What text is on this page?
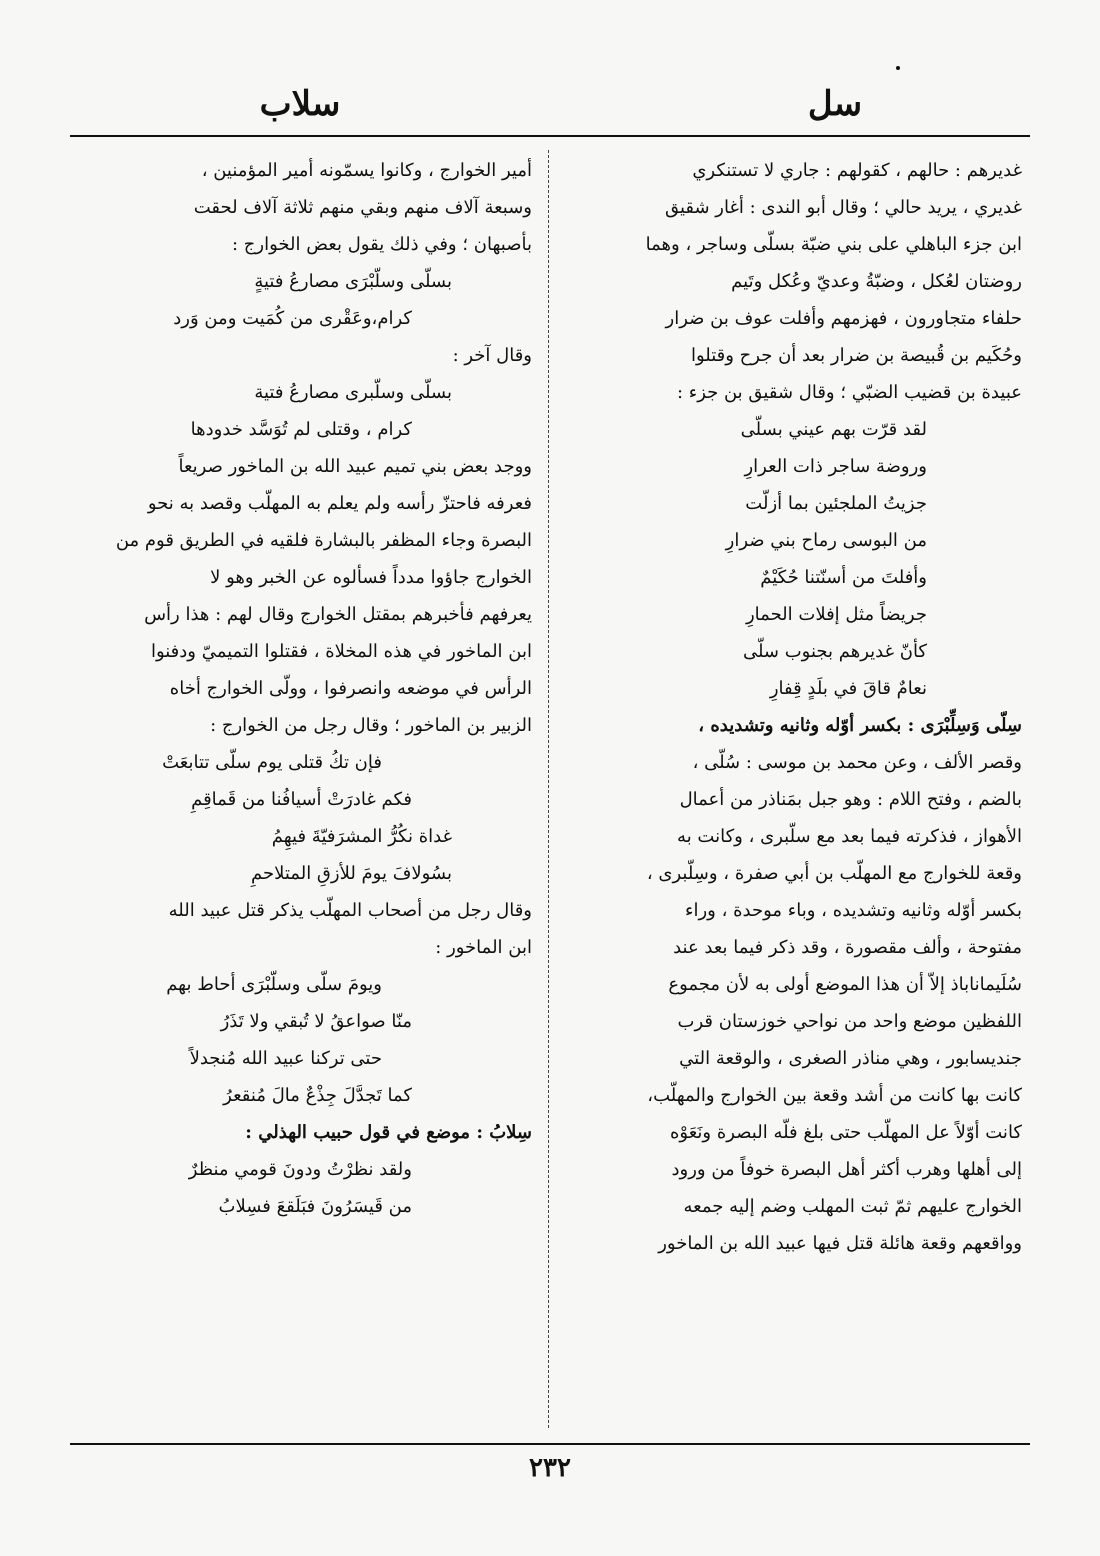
سل
سلاب
غديرهم : حالهم ، كقولهم : جاري لا تستنكري
غديري ، يريد حالي ؛ وقال أبو الندى : أغار شقيق
ابن جزء الباهلي على بني ضبّة بسلّى وساجر ، وهما
روضتان لعُكل ، وضبّةُ وعديّ وعُكل وتَيم
حلفاء متجاورون ، فهزمهم وأفلت عوف بن ضرار
وحُكَيم بن قُبيصة بن ضرار بعد أن جرح وقتلوا
عبيدة بن قضيب الضبّي ؛ وقال شقيق بن جزء :
لقد قرّت بهم عيني بسلّى
وروضة ساجر ذات العرارِ
جزيتُ الملجئين بما أزلّت
من البوسى رماح بني ضرارِ
وأفلتَ من أسنّتنا حُكَيْمٌ
جريضاً مثل إفلات الحمارِ
كأنّ غديرهم بجنوب سلّى
نعامٌ قاقَ في بلَدٍ قِفارِ
سِلّى وَسِلِّبْرَى : بكسر أوّله وثانيه وتشديده ،
وقصر الألف ، وعن محمد بن موسى : سُلّى ،
بالضم ، وفتح اللام : وهو جبل بمَناذر من أعمال
الأهواز ، فذكرته فيما بعد مع سلّبرى ، وكانت به
وقعة للخوارج مع المهلّب بن أبي صفرة ، وسِلّبرى ،
بكسر أوّله وثانيه وتشديده ، وباء موحدة ، وراء
مفتوحة ، وألف مقصورة ، وقد ذكر فيما بعد عند
سُلَيماناباذ إلاّ أن هذا الموضع أولى به لأن مجموع
اللفظين موضع واحد من نواحي خوزستان قرب
جنديسابور ، وهي مناذر الصغرى ، والوقعة التي
كانت بها كانت من أشد وقعة بين الخوارج والمهلّب،
كانت أوّلاً عل المهلّب حتى بلغ فلّه البصرة ونَعَوْه
إلى أهلها وهرب أكثر أهل البصرة خوفاً من ورود
الخوارج عليهم ثمّ ثبت المهلب وضم إليه جمعه
وواقعهم وقعة هائلة قتل فيها عبيد الله بن الماخور
أمير الخوارج ، وكانوا يسمّونه أمير المؤمنين ،
وسبعة آلاف منهم وبقي منهم ثلاثة آلاف لحقت
بأصبهان ؛ وفي ذلك يقول بعض الخوارج :
بسلّى وسلّبْرَى مصارعُ فتيةٍ
كرام،وعَقْرى من كُمَيت ومن وَرد
وقال آخر :
بسلّى وسلّبرى مصارعُ فتية
كرام ، وقتلى لم تُوَسَّد خدودها
ووجد بعض بني تميم عبيد الله بن الماخور صريعاً
فعرفه فاحتزّ رأسه ولم يعلم به المهلّب وقصد به نحو
البصرة وجاء المظفر بالبشارة فلقيه في الطريق قوم من
الخوارج جاؤوا مدداً فسألوه عن الخبر وهو لا
يعرفهم فأخبرهم بمقتل الخوارج وقال لهم : هذا رأس
ابن الماخور في هذه المخلاة ، فقتلوا التميميّ ودفنوا
الرأس في موضعه وانصرفوا ، وولّى الخوارج أخاه
الزبير بن الماخور ؛ وقال رجل من الخوارج :
فإن تكُ قتلى يوم سلّى تتابعَتْ
فكم غادرَتْ أسيافُنا من قَماقِمِ
غداة نكُرُّ المشرَفيّةَ فيهِمُ
بسُولافَ يومَ للأزقِ المتلاحمِ
وقال رجل من أصحاب المهلّب يذكر قتل عبيد الله
ابن الماخور :
ويومَ سلّى وسلّبْرَى أحاط بهم
منّا صواعقُ لا تُبقي ولا تَذَرُ
حتى تركنا عبيد الله مُنجدلاً
كما تَجدَّلَ جِذْعٌ مالَ مُنقعرُ
سِلابُ : موضع في قول حبيب الهذلي :
ولقد نظرْتُ ودونَ قومي منظرٌ
من قَيسَرُونَ فبَلَقعَ فسِلابُ
٢٣٢
